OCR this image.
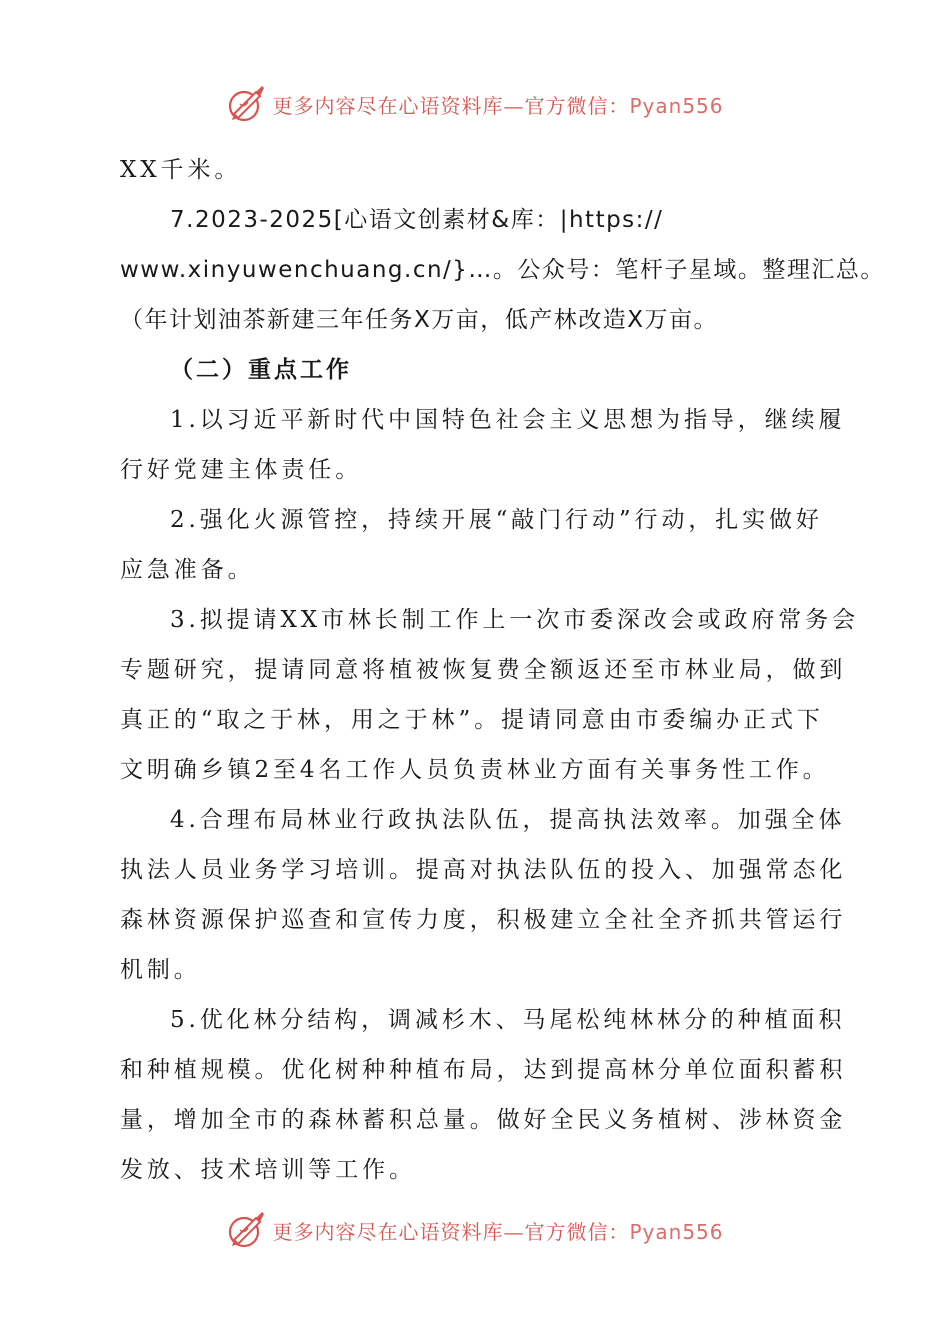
更多内容尽在心语资料库—官方微信：Pyan556
XX千米。
7.2023-2025[心语文创素材&库：|https://
www.xinyuwenchuang.cn/}…。公众号：笔杆子星域。整理汇总。
（年计划油茶新建三年任务X万亩，低产林改造X万亩。
（二）重点工作
1.以习近平新时代中国特色社会主义思想为指导，继续履
行好党建主体责任。
2.强化火源管控，持续开展“敲门行动”行动，扎实做好
应急准备。
3.拟提请XX市林长制工作上一次市委深改会或政府常务会
专题研究，提请同意将植被恢复费全额返还至市林业局，做到
真正的“取之于林，用之于林”。提请同意由市委编办正式下
文明确乡镇2至4名工作人员负责林业方面有关事务性工作。
4.合理布局林业行政执法队伍，提高执法效率。加强全体
执法人员业务学习培训。提高对执法队伍的投入、加强常态化
森林资源保护巡查和宣传力度，积极建立全社全齐抓共管运行
机制。
5.优化林分结构，调减杉木、马尾松纯林林分的种植面积
和种植规模。优化树种种植布局，达到提高林分单位面积蓄积
量，增加全市的森林蓄积总量。做好全民义务植树、涉林资金
发放、技术培训等工作。
更多内容尽在心语资料库—官方微信：Pyan556
